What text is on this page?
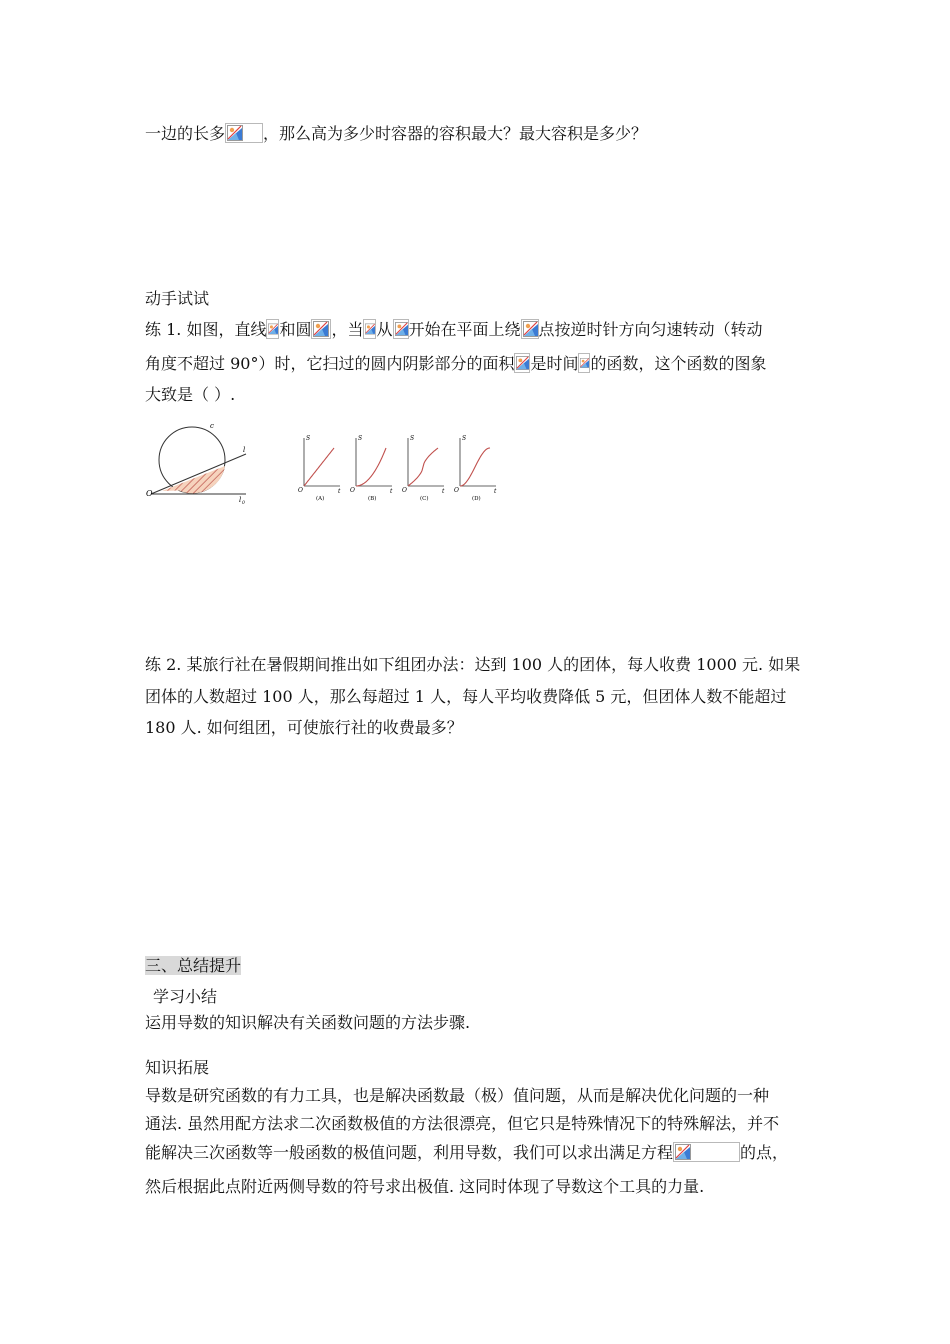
一边的长多 ，那么高为多少时容器的容积最大？最大容积是多少？
动手试试
练 1. 如图，直线 和圆 ，当 从 开始在平面上绕 点按逆时针方向匀速转动（转动
角度不超过 90°）时，它扫过的圆内阴影部分的面积 是时间 的函数，这个函数的图象
大致是（ ）.
O
c
l
l 0
S
t
O
(A)
S
t
O
(B)
S
t
O
(C)
S
t
O
(D)
练 2. 某旅行社在暑假期间推出如下组团办法：达到 100 人的团体，每人收费 1000 元. 如果
团体的人数超过 100 人，那么每超过 1 人，每人平均收费降低 5 元，但团体人数不能超过
180 人. 如何组团，可使旅行社的收费最多？
三、总结提升
学习小结
运用导数的知识解决有关函数问题的方法步骤.
知识拓展
导数是研究函数的有力工具，也是解决函数最（极）值问题，从而是解决优化问题的一种
通法. 虽然用配方法求二次函数极值的方法很漂亮，但它只是特殊情况下的特殊解法，并不
能解决三次函数等一般函数的极值问题，利用导数，我们可以求出满足方程	的点，
然后根据此点附近两侧导数的符号求出极值. 这同时体现了导数这个工具的力量.
